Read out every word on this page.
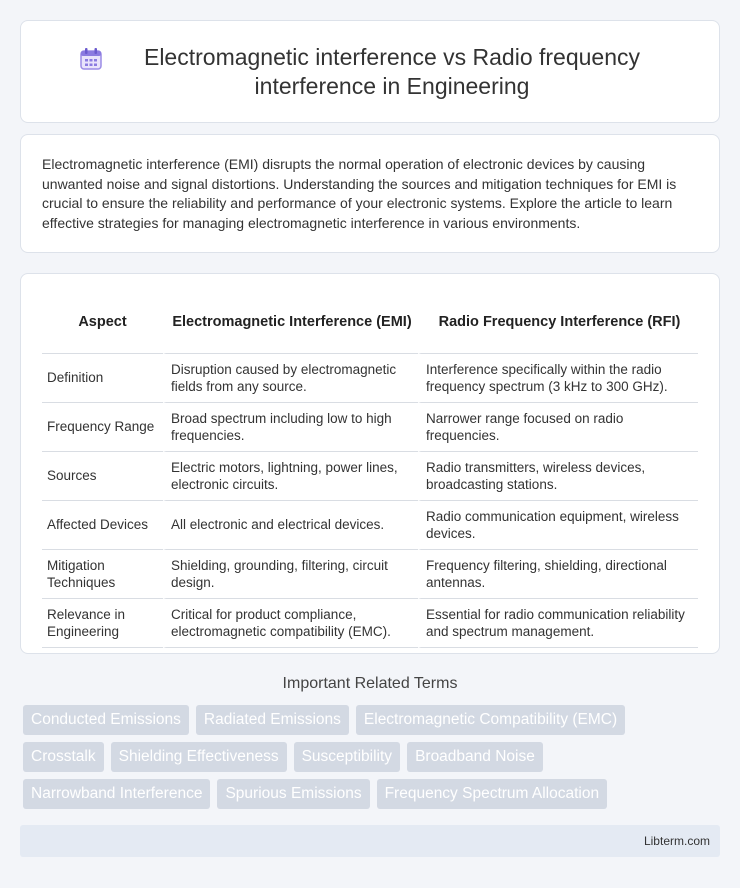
Electromagnetic interference vs Radio frequency interference in Engineering

Electromagnetic interference (EMI) disrupts the normal operation of electronic devices by causing unwanted noise and signal distortions. Understanding the sources and mitigation techniques for EMI is crucial to ensure the reliability and performance of your electronic systems. Explore the article to learn effective strategies for managing electromagnetic interference in various environments.

Aspect	Electromagnetic Interference (EMI)	Radio Frequency Interference (RFI)
Definition	Disruption caused by electromagnetic fields from any source.	Interference specifically within the radio frequency spectrum (3 kHz to 300 GHz).
Frequency Range	Broad spectrum including low to high frequencies.	Narrower range focused on radio frequencies.
Sources	Electric motors, lightning, power lines, electronic circuits.	Radio transmitters, wireless devices, broadcasting stations.
Affected Devices	All electronic and electrical devices.	Radio communication equipment, wireless devices.
Mitigation Techniques	Shielding, grounding, filtering, circuit design.	Frequency filtering, shielding, directional antennas.
Relevance in Engineering	Critical for product compliance, electromagnetic compatibility (EMC).	Essential for radio communication reliability and spectrum management.
Important Related Terms
Conducted Emissions	Radiated Emissions	Electromagnetic Compatibility (EMC)
Crosstalk	Shielding Effectiveness	Susceptibility	Broadband Noise
Narrowband Interference	Spurious Emissions	Frequency Spectrum Allocation
Libterm.com
